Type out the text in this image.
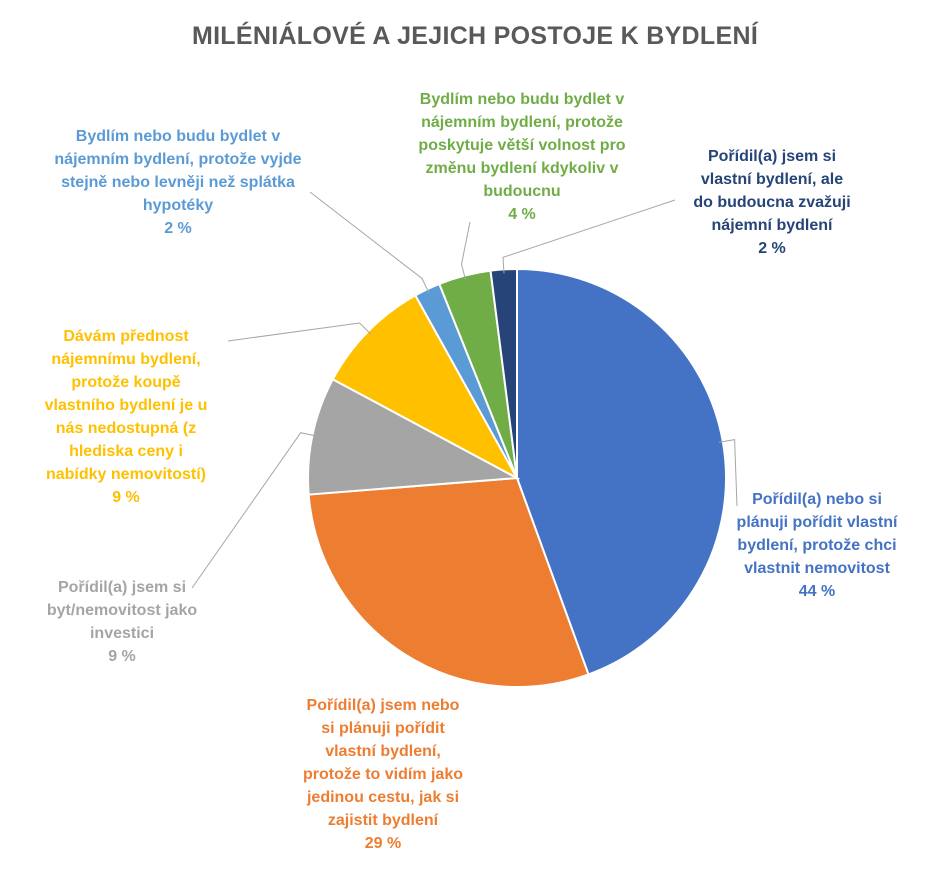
MILÉNIÁLOVÉ A JEJICH POSTOJE K BYDLENÍ
Pořídil(a) nebo si
plánuji pořídit vlastní
bydlení, protože chci
vlastnit nemovitost
44 %
Pořídil(a) jsem nebo
si plánuji pořídit
vlastní bydlení,
protože to vidím jako
jedinou cestu, jak si
zajistit bydlení
29 %
Pořídil(a) jsem si
byt/nemovitost jako
investici
9 %
Dávám přednost
nájemnímu bydlení,
protože koupě
vlastního bydlení je u
nás nedostupná (z
hlediska ceny i
nabídky nemovitostí)
9 %
Bydlím nebo budu bydlet v
nájemním bydlení, protože vyjde
stejně nebo levněji než splátka
hypotéky
2 %
Bydlím nebo budu bydlet v
nájemním bydlení, protože
poskytuje větší volnost pro
změnu bydlení kdykoliv v
budoucnu
4 %
Pořídil(a) jsem si
vlastní bydlení, ale
do budoucna zvažuji
nájemní bydlení
2 %
